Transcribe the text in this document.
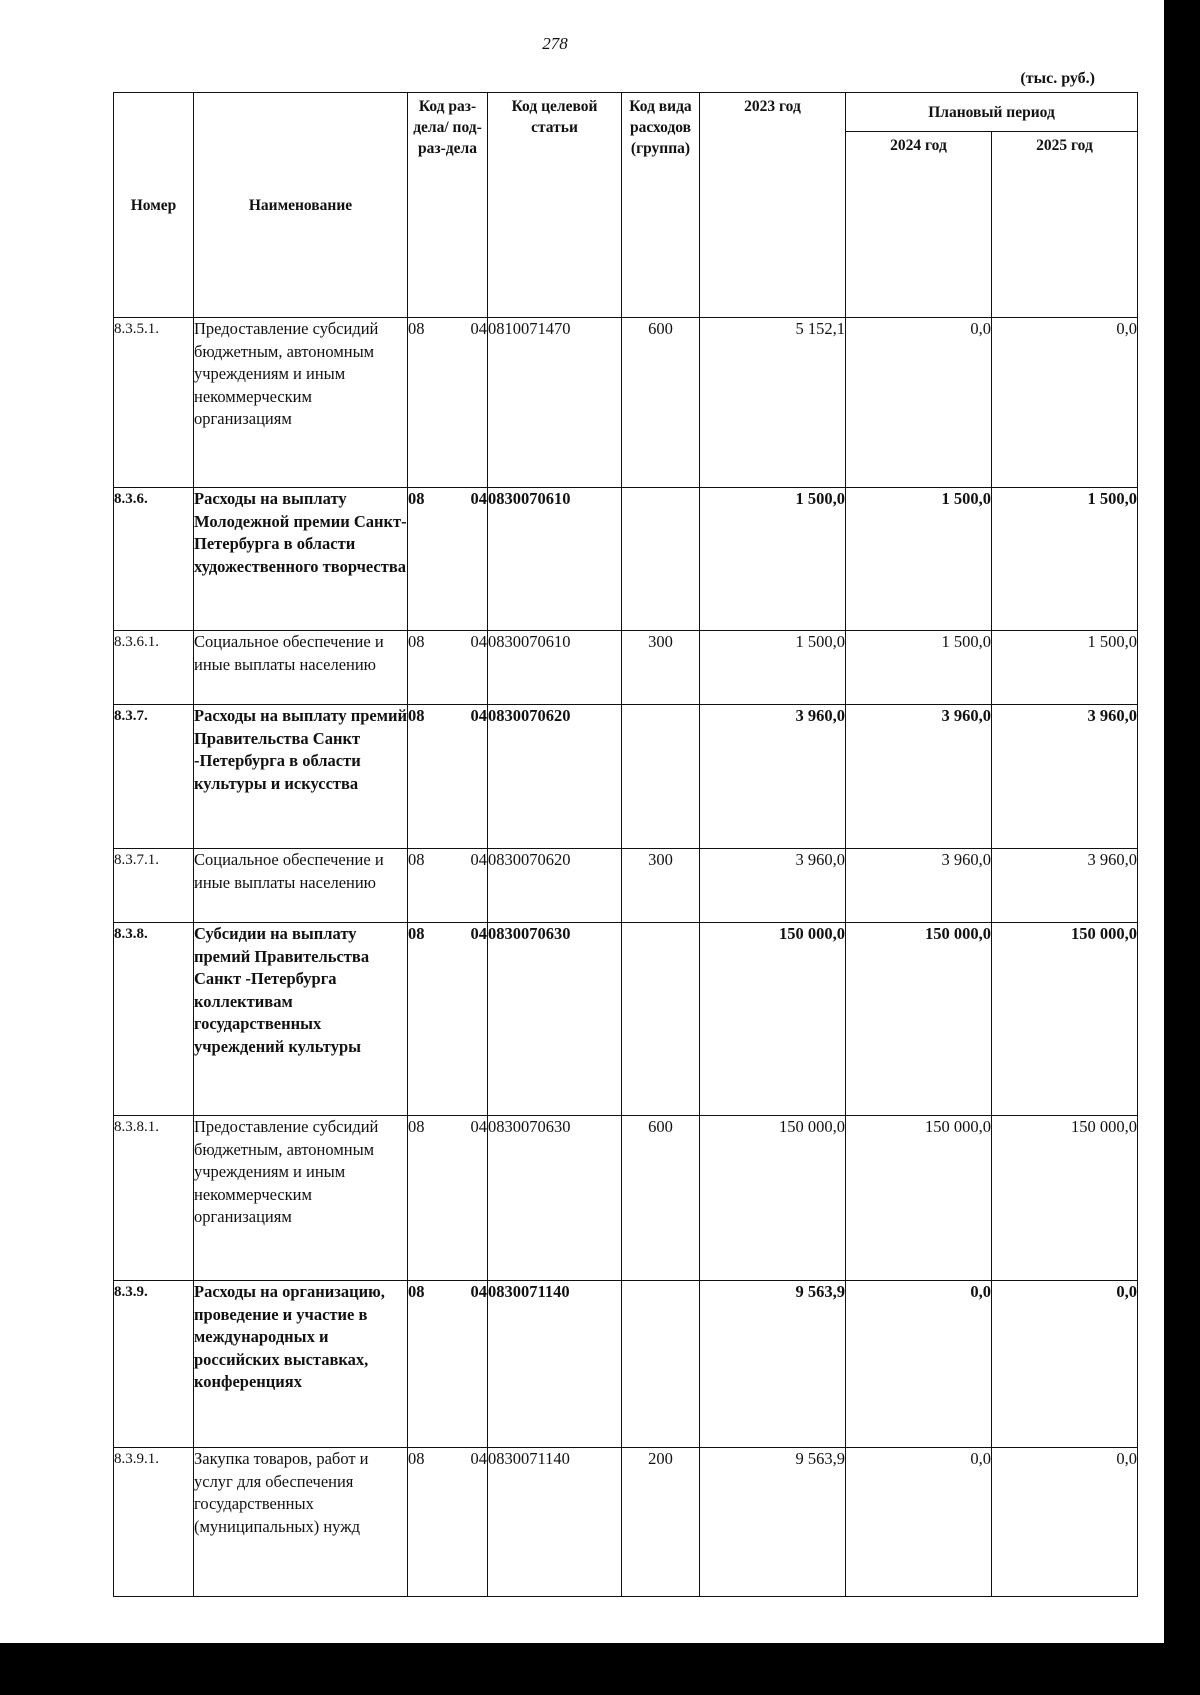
278
(тыс. руб.)
Номер	Наименование	Код раз-дела/ под-раз-дела	Код целевой статьи	Код вида расходов (группа)	2023 год	Плановый период	
						2024 год	2025 год
8.3.5.1.	Предоставление субсидий бюджетным, автономным учреждениям и иным некоммерческим организациям	08 04	0810071470	600	5 152,1	0,0	0,0
8.3.6.	Расходы на выплату Молодежной премии Санкт-Петербурга в области художественного творчества	08 04	0830070610		1 500,0	1 500,0	1 500,0
8.3.6.1.	Социальное обеспечение и иные выплаты населению	08 04	0830070610	300	1 500,0	1 500,0	1 500,0
8.3.7.	Расходы на выплату премий Правительства Санкт -Петербурга в области культуры и искусства	08 04	0830070620		3 960,0	3 960,0	3 960,0
8.3.7.1.	Социальное обеспечение и иные выплаты населению	08 04	0830070620	300	3 960,0	3 960,0	3 960,0
8.3.8.	Субсидии на выплату премий Правительства Санкт -Петербурга коллективам государственных учреждений культуры	08 04	0830070630		150 000,0	150 000,0	150 000,0
8.3.8.1.	Предоставление субсидий бюджетным, автономным учреждениям и иным некоммерческим организациям	08 04	0830070630	600	150 000,0	150 000,0	150 000,0
8.3.9.	Расходы на организацию, проведение и участие в международных и российских выставках, конференциях	08 04	0830071140		9 563,9	0,0	0,0
8.3.9.1.	Закупка товаров, работ и услуг для обеспечения государственных (муниципальных) нужд	08 04	0830071140	200	9 563,9	0,0	0,0
